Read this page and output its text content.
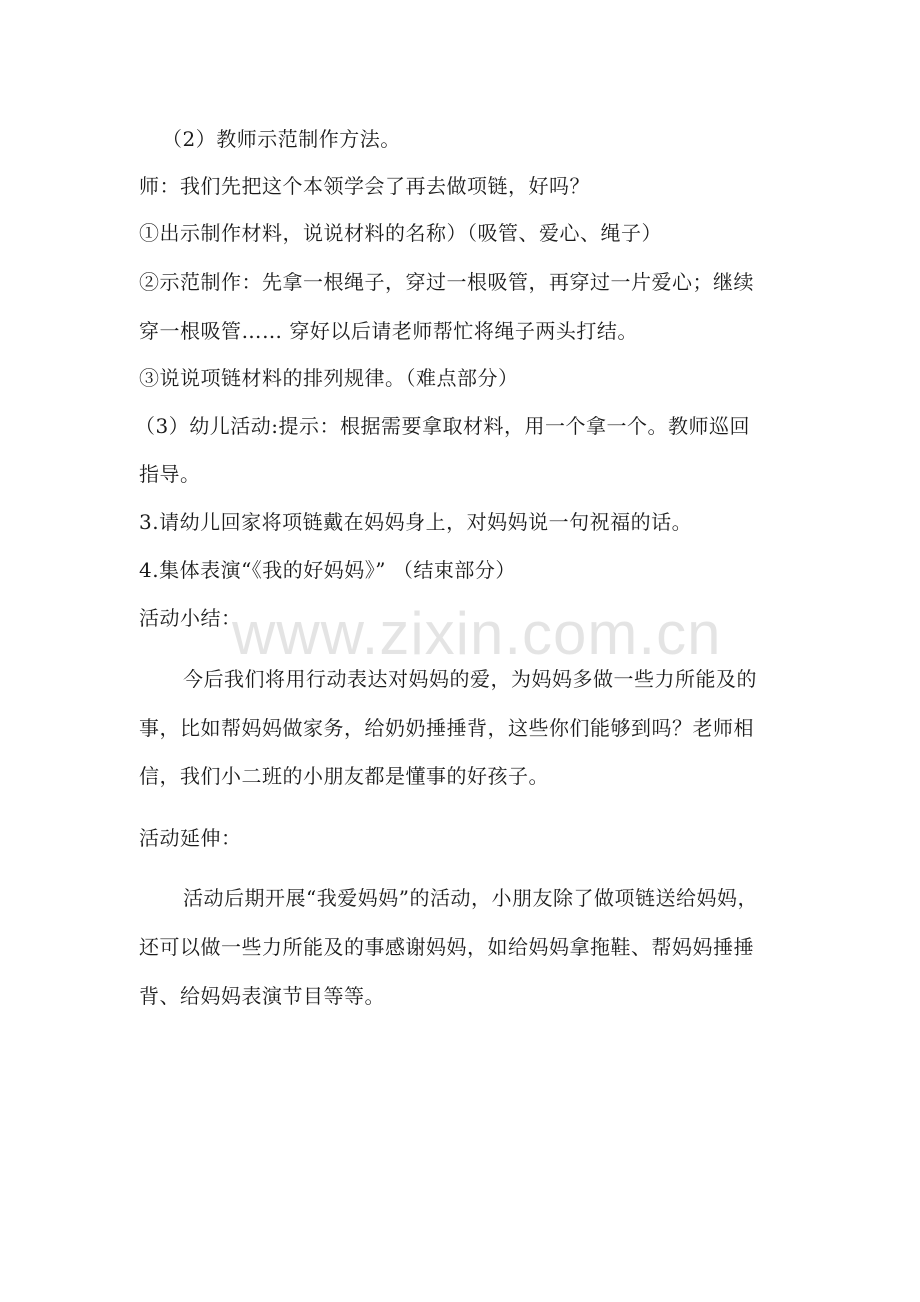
（2）教师示范制作方法。
师：我们先把这个本领学会了再去做项链，好吗？
①出示制作材料，说说材料的名称）（吸管、爱心、绳子）
②示范制作：先拿一根绳子，穿过一根吸管，再穿过一片爱心；继续
穿一根吸管…… 穿好以后请老师帮忙将绳子两头打结。
③说说项链材料的排列规律。（难点部分）
（3）幼儿活动:提示：根据需要拿取材料，用一个拿一个。教师巡回
指导。
3.请幼儿回家将项链戴在妈妈身上，对妈妈说一句祝福的话。
4.集体表演“《我的好妈妈》” （结束部分）
活动小结：
今后我们将用行动表达对妈妈的爱，为妈妈多做一些力所能及的
事，比如帮妈妈做家务，给奶奶捶捶背，这些你们能够到吗？老师相
信，我们小二班的小朋友都是懂事的好孩子。
活动延伸：
活动后期开展“我爱妈妈”的活动，小朋友除了做项链送给妈妈，
还可以做一些力所能及的事感谢妈妈，如给妈妈拿拖鞋、帮妈妈捶捶
背、给妈妈表演节目等等。
www.zixin.com.cn
